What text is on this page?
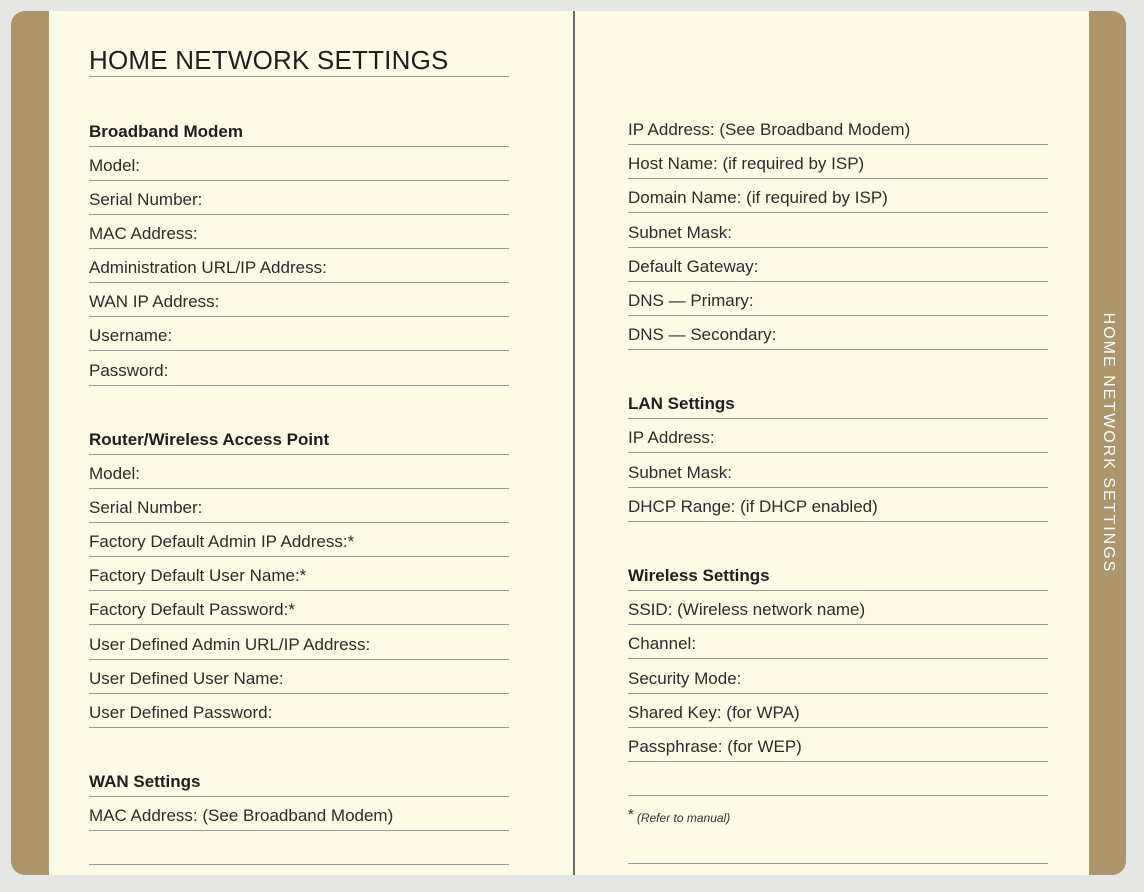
HOME NETWORK SETTINGS
Broadband Modem
Model:
Serial Number:
MAC Address:
Administration URL/IP Address:
WAN IP Address:
Username:
Password:
Router/Wireless Access Point
Model:
Serial Number:
Factory Default Admin IP Address:*
Factory Default User Name:*
Factory Default Password:*
User Defined Admin URL/IP Address:
User Defined User Name:
User Defined Password:
WAN Settings
MAC Address: (See Broadband Modem)
IP Address: (See Broadband Modem)
Host Name: (if required by ISP)
Domain Name: (if required by ISP)
Subnet Mask:
Default Gateway:
DNS — Primary:
DNS — Secondary:
LAN Settings
IP Address:
Subnet Mask:
DHCP Range: (if DHCP enabled)
Wireless Settings
SSID: (Wireless network name)
Channel:
Security Mode:
Shared Key: (for WPA)
Passphrase: (for WEP)
* (Refer to manual)
HOME NETWORK SETTINGS
